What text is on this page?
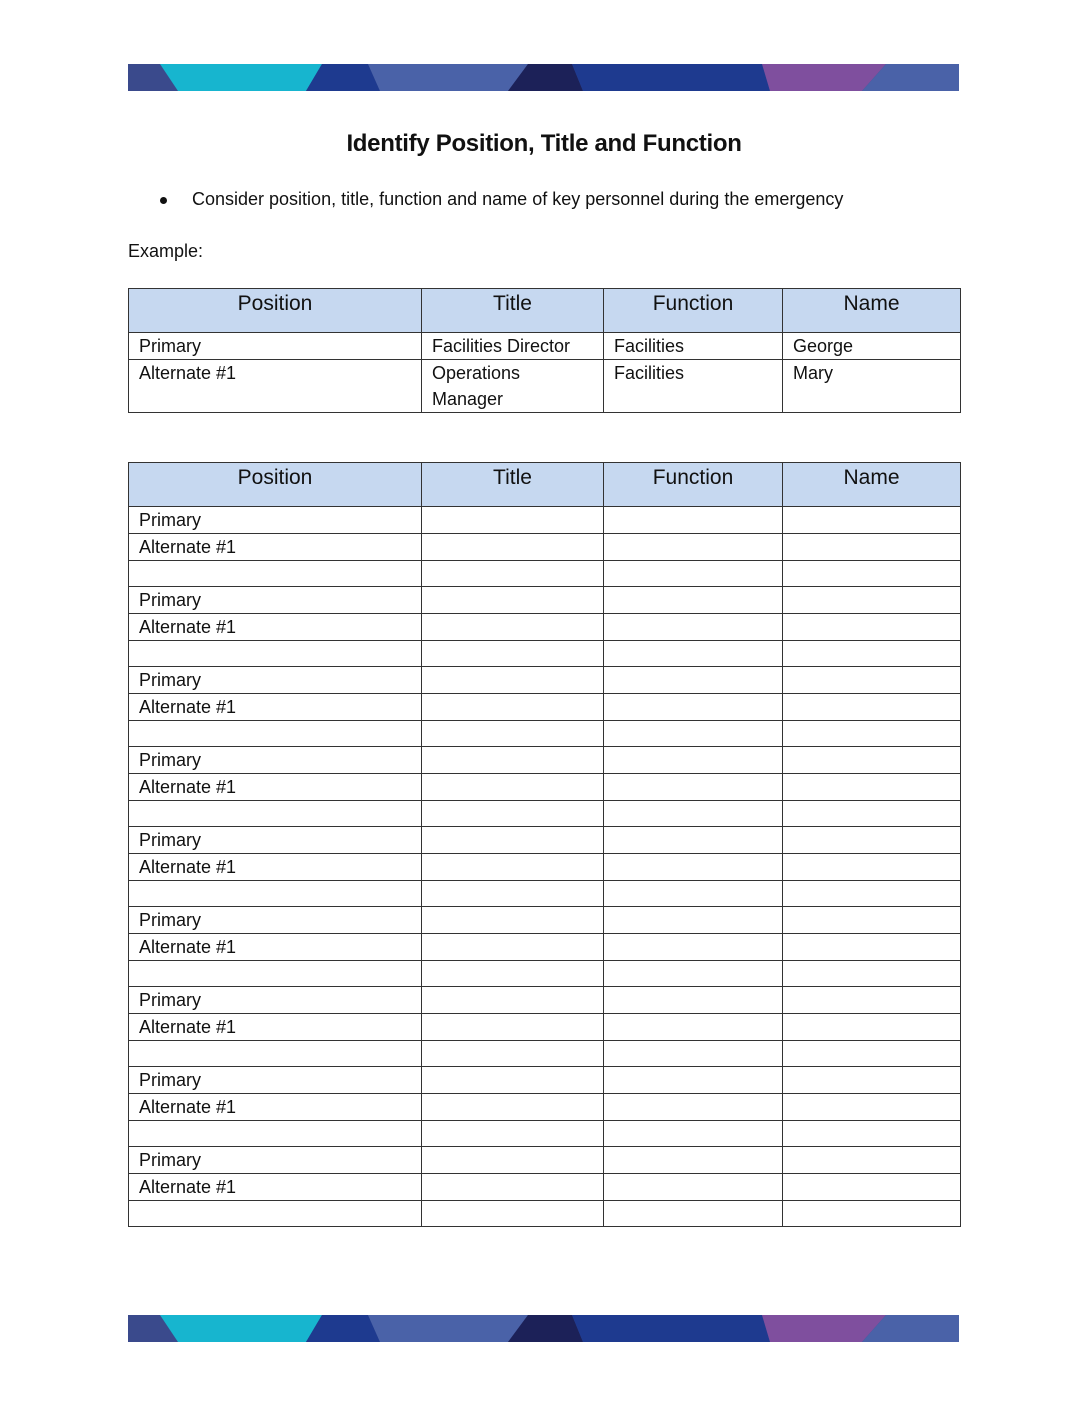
Identify Position, Title and Function
Consider position, title, function and name of key personnel during the emergency
Example:
Position	Title	Function	Name
Primary	Facilities Director	Facilities	George
Alternate #1	Operations Manager	Facilities	Mary
Position	Title	Function	Name
Primary			
Alternate #1			

Primary			
Alternate #1			

Primary			
Alternate #1			

Primary			
Alternate #1			

Primary			
Alternate #1			

Primary			
Alternate #1			

Primary			
Alternate #1			

Primary			
Alternate #1			

Primary			
Alternate #1			
